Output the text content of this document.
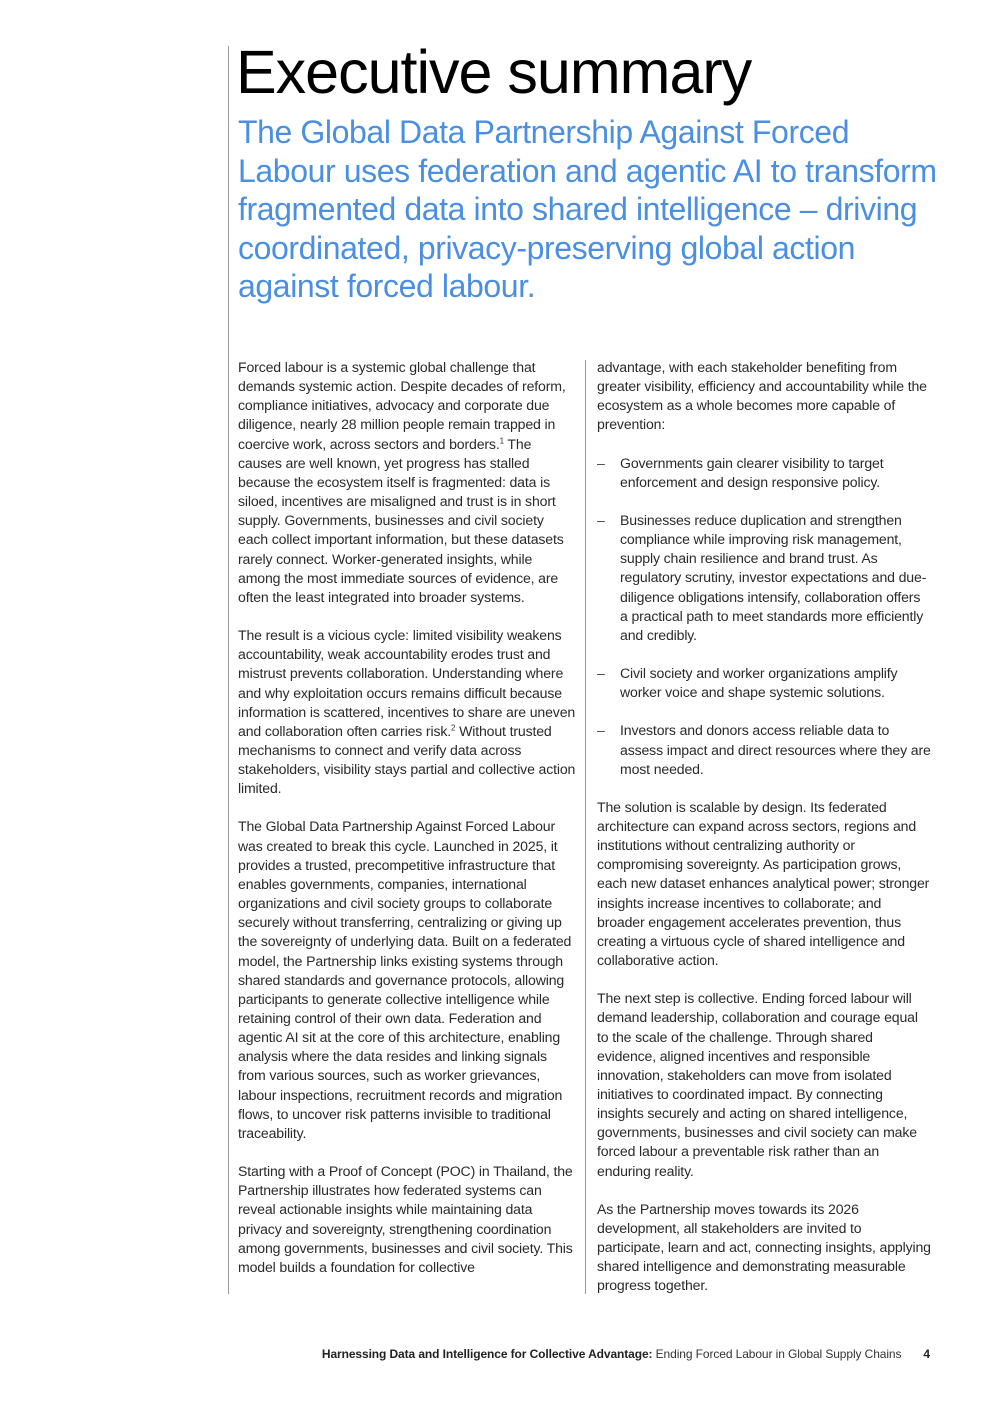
Executive summary
The Global Data Partnership Against Forced Labour uses federation and agentic AI to transform fragmented data into shared intelligence – driving coordinated, privacy-preserving global action against forced labour.

Forced labour is a systemic global challenge that demands systemic action. Despite decades of reform, compliance initiatives, advocacy and corporate due diligence, nearly 28 million people remain trapped in coercive work, across sectors and borders.$^1$ The causes are well known, yet progress has stalled because the ecosystem itself is fragmented: data is siloed, incentives are misaligned and trust is in short supply. Governments, businesses and civil society each collect important information, but these datasets rarely connect. Worker-generated insights, while among the most immediate sources of evidence, are often the least integrated into broader systems.

The result is a vicious cycle: limited visibility weakens accountability, weak accountability erodes trust and mistrust prevents collaboration. Understanding where and why exploitation occurs remains difficult because information is scattered, incentives to share are uneven and collaboration often carries risk.$^2$ Without trusted mechanisms to connect and verify data across stakeholders, visibility stays partial and collective action limited.

The Global Data Partnership Against Forced Labour was created to break this cycle. Launched in 2025, it provides a trusted, precompetitive infrastructure that enables governments, companies, international organizations and civil society groups to collaborate securely without transferring, centralizing or giving up the sovereignty of underlying data. Built on a federated model, the Partnership links existing systems through shared standards and governance protocols, allowing participants to generate collective intelligence while retaining control of their own data. Federation and agentic AI sit at the core of this architecture, enabling analysis where the data resides and linking signals from various sources, such as worker grievances, labour inspections, recruitment records and migration flows, to uncover risk patterns invisible to traditional traceability.

Starting with a Proof of Concept (POC) in Thailand, the Partnership illustrates how federated systems can reveal actionable insights while maintaining data privacy and sovereignty, strengthening coordination among governments, businesses and civil society. This model builds a foundation for collective

advantage, with each stakeholder benefiting from greater visibility, efficiency and accountability while the ecosystem as a whole becomes more capable of prevention:

– Governments gain clearer visibility to target enforcement and design responsive policy.
– Businesses reduce duplication and strengthen compliance while improving risk management, supply chain resilience and brand trust. As regulatory scrutiny, investor expectations and due-diligence obligations intensify, collaboration offers a practical path to meet standards more efficiently and credibly.
– Civil society and worker organizations amplify worker voice and shape systemic solutions.
– Investors and donors access reliable data to assess impact and direct resources where they are most needed.

The solution is scalable by design. Its federated architecture can expand across sectors, regions and institutions without centralizing authority or compromising sovereignty. As participation grows, each new dataset enhances analytical power; stronger insights increase incentives to collaborate; and broader engagement accelerates prevention, thus creating a virtuous cycle of shared intelligence and collaborative action.

The next step is collective. Ending forced labour will demand leadership, collaboration and courage equal to the scale of the challenge. Through shared evidence, aligned incentives and responsible innovation, stakeholders can move from isolated initiatives to coordinated impact. By connecting insights securely and acting on shared intelligence, governments, businesses and civil society can make forced labour a preventable risk rather than an enduring reality.

As the Partnership moves towards its 2026 development, all stakeholders are invited to participate, learn and act, connecting insights, applying shared intelligence and demonstrating measurable progress together.

Harnessing Data and Intelligence for Collective Advantage: Ending Forced Labour in Global Supply Chains 4
